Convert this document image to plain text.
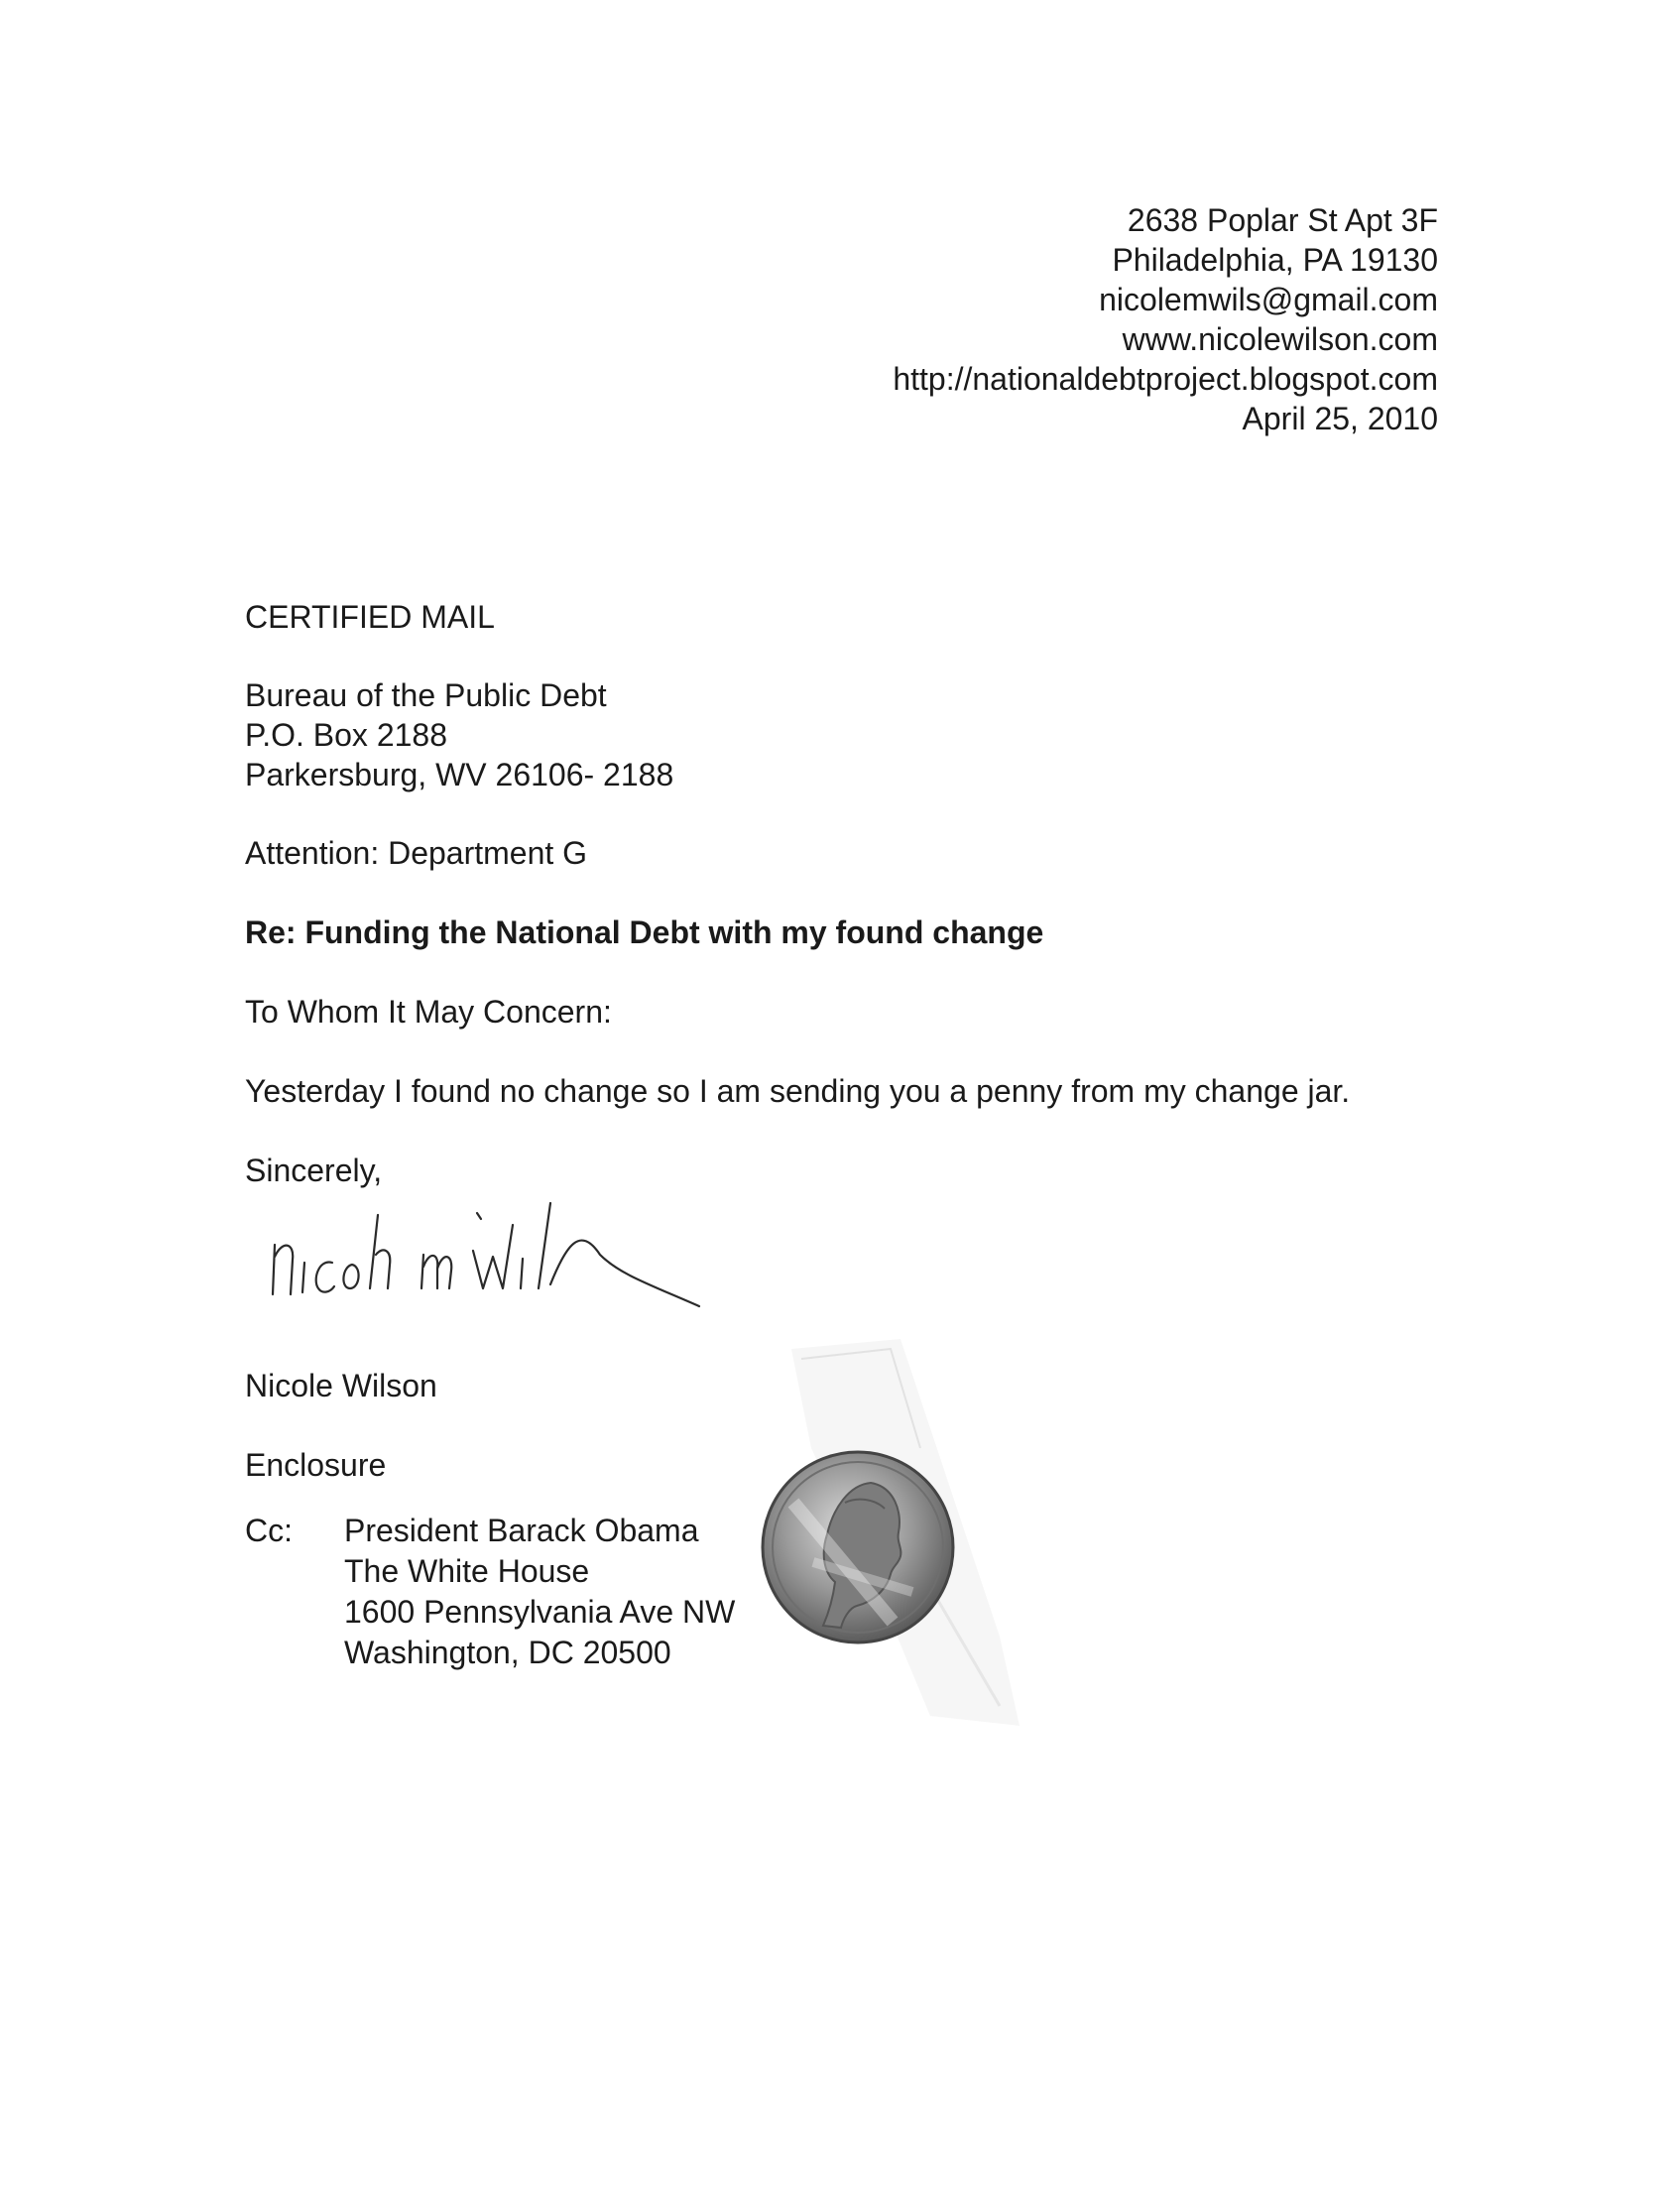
2638 Poplar St Apt 3F
Philadelphia, PA 19130
nicolemwils@gmail.com
www.nicolewilson.com
http://nationaldebtproject.blogspot.com
April 25, 2010
CERTIFIED MAIL
Bureau of the Public Debt
P.O. Box 2188
Parkersburg, WV 26106- 2188
Attention: Department G
Re: Funding the National Debt with my found change
To Whom It May Concern:
Yesterday I found no change so I am sending you a penny from my change jar.
Sincerely,
Nicole Wilson
Enclosure
Cc: President Barack Obama
The White House
1600 Pennsylvania Ave NW
Washington, DC 20500
